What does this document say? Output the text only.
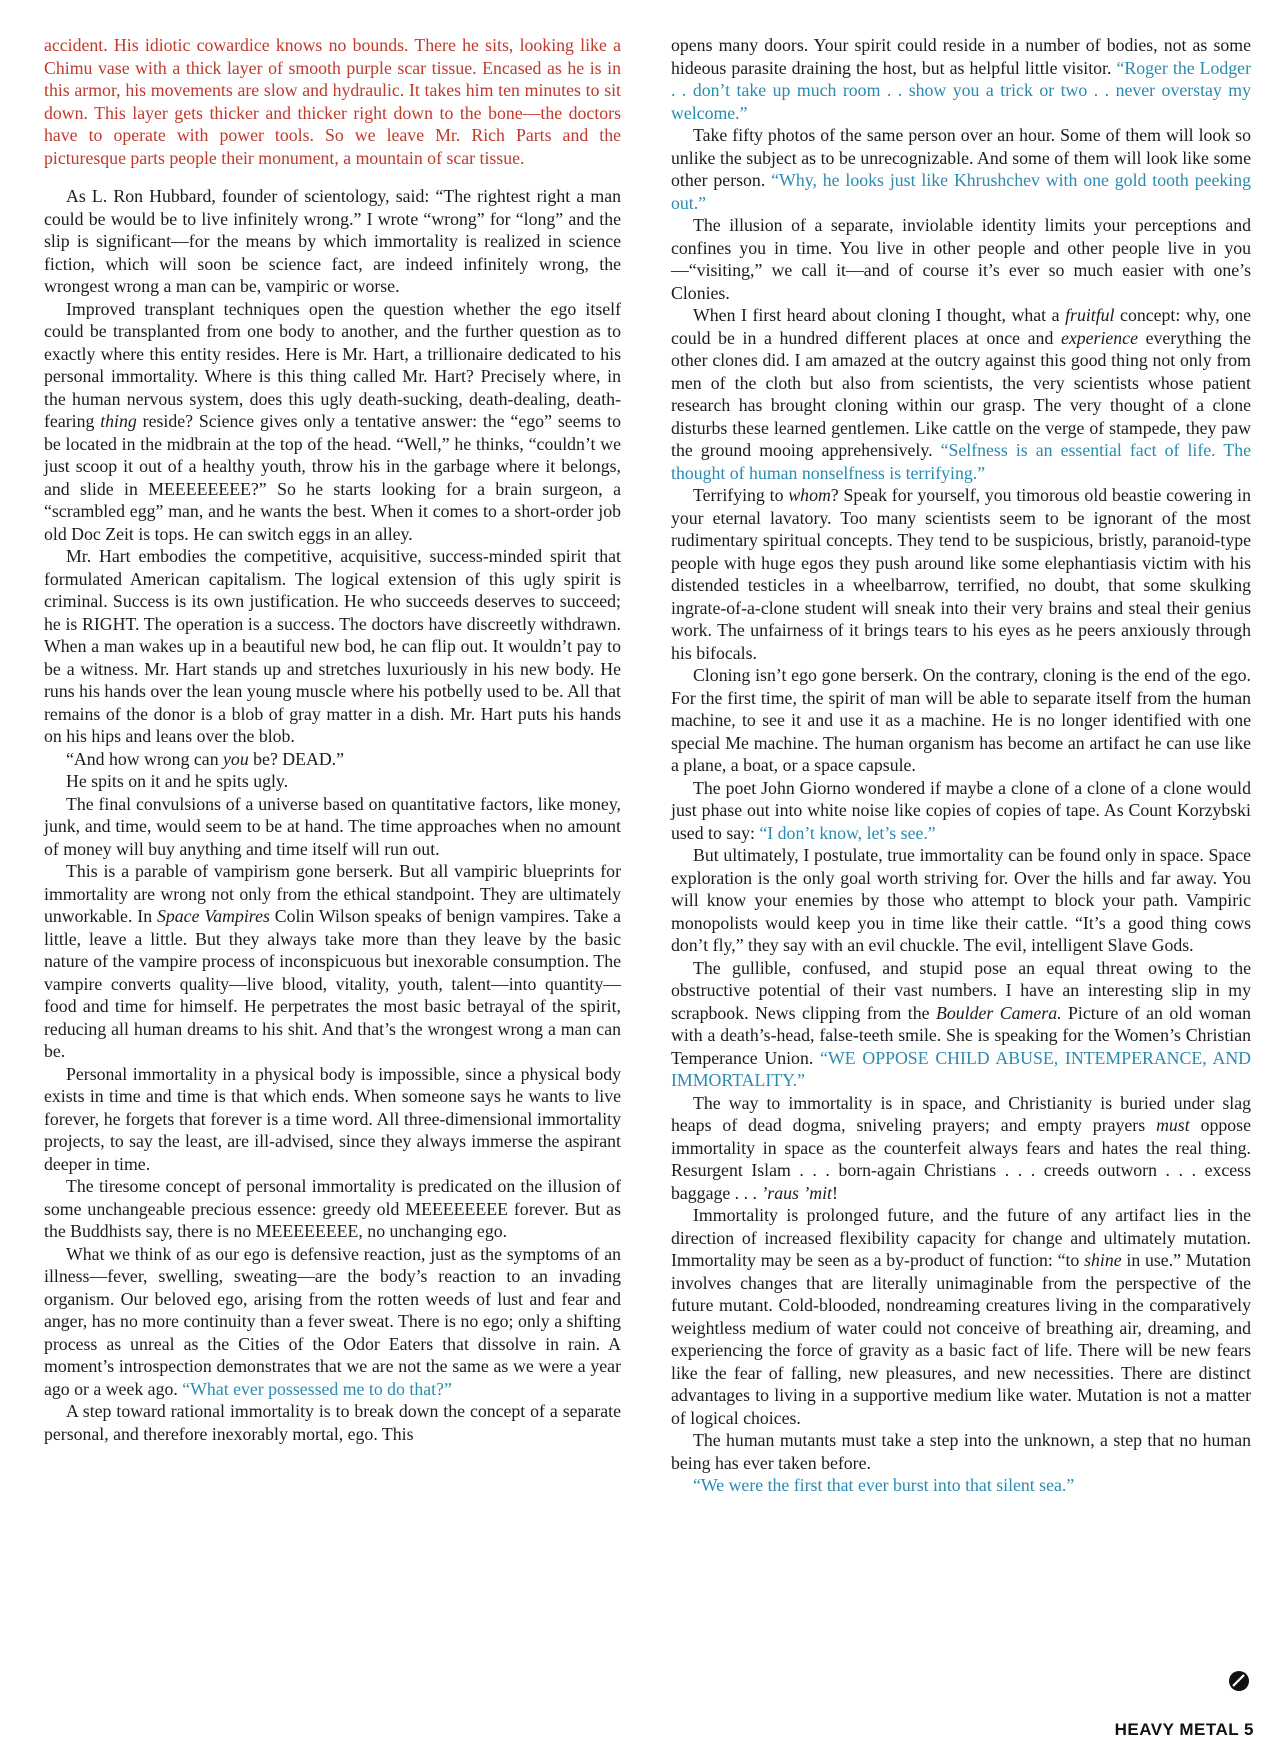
accident. His idiotic cowardice knows no bounds. There he sits, looking like a Chimu vase with a thick layer of smooth purple scar tissue. Encased as he is in this armor, his movements are slow and hydraulic. It takes him ten minutes to sit down. This layer gets thicker and thicker right down to the bone—the doctors have to operate with power tools. So we leave Mr. Rich Parts and the picturesque parts people their monument, a mountain of scar tissue.

As L. Ron Hubbard, founder of scientology, said: “The rightest right a man could be would be to live infinitely wrong.” I wrote “wrong” for “long” and the slip is significant—for the means by which immortality is realized in science fiction, which will soon be science fact, are indeed infinitely wrong, the wrongest wrong a man can be, vampiric or worse.

Improved transplant techniques open the question whether the ego itself could be transplanted from one body to another, and the further question as to exactly where this entity resides. Here is Mr. Hart, a trillionaire dedicated to his personal immortality. Where is this thing called Mr. Hart? Precisely where, in the human nervous system, does this ugly death-sucking, death-dealing, death-fearing thing reside? Science gives only a tentative answer: the “ego” seems to be located in the midbrain at the top of the head. “Well,” he thinks, “couldn’t we just scoop it out of a healthy youth, throw his in the garbage where it belongs, and slide in MEEEEEEEE?” So he starts looking for a brain surgeon, a “scrambled egg” man, and he wants the best. When it comes to a short-order job old Doc Zeit is tops. He can switch eggs in an alley.

Mr. Hart embodies the competitive, acquisitive, success-minded spirit that formulated American capitalism. The logical extension of this ugly spirit is criminal. Success is its own justification. He who succeeds deserves to succeed; he is RIGHT. The operation is a success. The doctors have discreetly withdrawn. When a man wakes up in a beautiful new bod, he can flip out. It wouldn’t pay to be a witness. Mr. Hart stands up and stretches luxuriously in his new body. He runs his hands over the lean young muscle where his potbelly used to be. All that remains of the donor is a blob of gray matter in a dish. Mr. Hart puts his hands on his hips and leans over the blob.

“And how wrong can you be? DEAD.”

He spits on it and he spits ugly.

The final convulsions of a universe based on quantitative factors, like money, junk, and time, would seem to be at hand. The time approaches when no amount of money will buy anything and time itself will run out.

This is a parable of vampirism gone berserk. But all vampiric blueprints for immortality are wrong not only from the ethical standpoint. They are ultimately unworkable. In Space Vampires Colin Wilson speaks of benign vampires. Take a little, leave a little. But they always take more than they leave by the basic nature of the vampire process of inconspicuous but inexorable consumption. The vampire converts quality—live blood, vitality, youth, talent—into quantity—food and time for himself. He perpetrates the most basic betrayal of the spirit, reducing all human dreams to his shit. And that’s the wrongest wrong a man can be.

Personal immortality in a physical body is impossible, since a physical body exists in time and time is that which ends. When someone says he wants to live forever, he forgets that forever is a time word. All three-dimensional immortality projects, to say the least, are ill-advised, since they always immerse the aspirant deeper in time.

The tiresome concept of personal immortality is predicated on the illusion of some unchangeable precious essence: greedy old MEEEEEEEE forever. But as the Buddhists say, there is no MEEEEEEEE, no unchanging ego.

What we think of as our ego is defensive reaction, just as the symptoms of an illness—fever, swelling, sweating—are the body’s reaction to an invading organism. Our beloved ego, arising from the rotten weeds of lust and fear and anger, has no more continuity than a fever sweat. There is no ego; only a shifting process as unreal as the Cities of the Odor Eaters that dissolve in rain. A moment’s introspection demonstrates that we are not the same as we were a year ago or a week ago. “What ever possessed me to do that?”

A step toward rational immortality is to break down the concept of a separate personal, and therefore inexorably mortal, ego. This

opens many doors. Your spirit could reside in a number of bodies, not as some hideous parasite draining the host, but as helpful little visitor. “Roger the Lodger . . don’t take up much room . . show you a trick or two . . never overstay my welcome.”

Take fifty photos of the same person over an hour. Some of them will look so unlike the subject as to be unrecognizable. And some of them will look like some other person. “Why, he looks just like Khrushchev with one gold tooth peeking out.”

The illusion of a separate, inviolable identity limits your perceptions and confines you in time. You live in other people and other people live in you—“visiting,” we call it—and of course it’s ever so much easier with one’s Clonies.

When I first heard about cloning I thought, what a fruitful concept: why, one could be in a hundred different places at once and experience everything the other clones did. I am amazed at the outcry against this good thing not only from men of the cloth but also from scientists, the very scientists whose patient research has brought cloning within our grasp. The very thought of a clone disturbs these learned gentlemen. Like cattle on the verge of stampede, they paw the ground mooing apprehensively. “Selfness is an essential fact of life. The thought of human nonselfness is terrifying.”

Terrifying to whom? Speak for yourself, you timorous old beastie cowering in your eternal lavatory. Too many scientists seem to be ignorant of the most rudimentary spiritual concepts. They tend to be suspicious, bristly, paranoid-type people with huge egos they push around like some elephantiasis victim with his distended testicles in a wheelbarrow, terrified, no doubt, that some skulking ingrate-of-a-clone student will sneak into their very brains and steal their genius work. The unfairness of it brings tears to his eyes as he peers anxiously through his bifocals.

Cloning isn’t ego gone berserk. On the contrary, cloning is the end of the ego. For the first time, the spirit of man will be able to separate itself from the human machine, to see it and use it as a machine. He is no longer identified with one special Me machine. The human organism has become an artifact he can use like a plane, a boat, or a space capsule.

The poet John Giorno wondered if maybe a clone of a clone of a clone would just phase out into white noise like copies of copies of tape. As Count Korzybski used to say: “I don’t know, let’s see.”

But ultimately, I postulate, true immortality can be found only in space. Space exploration is the only goal worth striving for. Over the hills and far away. You will know your enemies by those who attempt to block your path. Vampiric monopolists would keep you in time like their cattle. “It’s a good thing cows don’t fly,” they say with an evil chuckle. The evil, intelligent Slave Gods.

The gullible, confused, and stupid pose an equal threat owing to the obstructive potential of their vast numbers. I have an interesting slip in my scrapbook. News clipping from the Boulder Camera. Picture of an old woman with a death’s-head, false-teeth smile. She is speaking for the Women’s Christian Temperance Union. “WE OPPOSE CHILD ABUSE, INTEMPERANCE, AND IMMORTALITY.”

The way to immortality is in space, and Christianity is buried under slag heaps of dead dogma, sniveling prayers; and empty prayers must oppose immortality in space as the counterfeit always fears and hates the real thing. Resurgent Islam . . . born-again Christians . . . creeds outworn . . . excess baggage . . . ’raus ’mit!

Immortality is prolonged future, and the future of any artifact lies in the direction of increased flexibility capacity for change and ultimately mutation. Immortality may be seen as a by-product of function: “to shine in use.” Mutation involves changes that are literally unimaginable from the perspective of the future mutant. Cold-blooded, nondreaming creatures living in the comparatively weightless medium of water could not conceive of breathing air, dreaming, and experiencing the force of gravity as a basic fact of life. There will be new fears like the fear of falling, new pleasures, and new necessities. There are distinct advantages to living in a supportive medium like water. Mutation is not a matter of logical choices.

The human mutants must take a step into the unknown, a step that no human being has ever taken before.

“We were the first that ever burst into that silent sea.”

HEAVY METAL 5
